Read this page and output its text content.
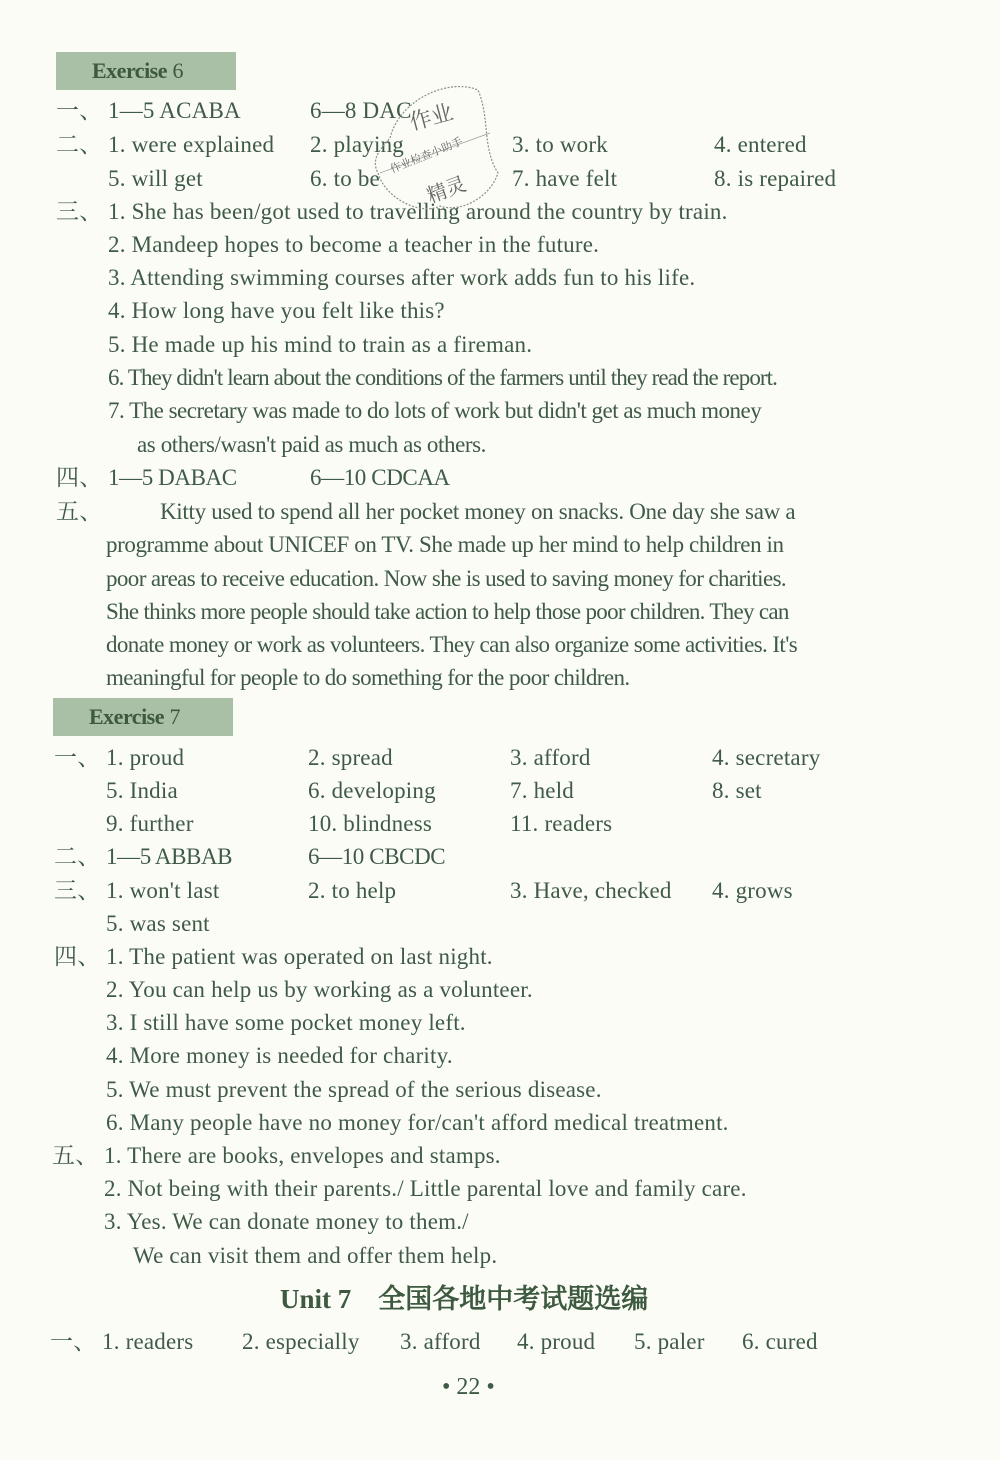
Exercise 6
一、 1—5 ACABA	6—8 DAC
二、 1. were explained 2. playing	3. to work	4. entered
5. will get	6. to be	7. have felt	8. is repaired
三、 1. She has been/got used to travelling around the country by train.
2. Mandeep hopes to become a teacher in the future.
3. Attending swimming courses after work adds fun to his life.
4. How long have you felt like this?
5. He made up his mind to train as a fireman.
6. They didn't learn about the conditions of the farmers until they read the report.
7. The secretary was made to do lots of work but didn't get as much money
as others/wasn't paid as much as others.
四、 1—5 DABAC	6—10 CDCAA
五、	Kitty used to spend all her pocket money on snacks. One day she saw a
programme about UNICEF on TV. She made up her mind to help children in
poor areas to receive education. Now she is used to saving money for charities.
She thinks more people should take action to help those poor children. They can
donate money or work as volunteers. They can also organize some activities. It's
meaningful for people to do something for the poor children.
Exercise 7
一、 1. proud	2. spread	3. afford	4. secretary
5. India	6. developing	7. held	8. set
9. further	10. blindness	11. readers
二、 1—5 ABBAB	6—10 CBCDC
三、 1. won't last	2. to help	3. Have, checked 4. grows
5. was sent
四、 1. The patient was operated on last night.
2. You can help us by working as a volunteer.
3. I still have some pocket money left.
4. More money is needed for charity.
5. We must prevent the spread of the serious disease.
6. Many people have no money for/can't afford medical treatment.
五、 1. There are books, envelopes and stamps.
2. Not being with their parents./ Little parental love and family care.
3. Yes. We can donate money to them./
We can visit them and offer them help.
Unit 7　全国各地中考试题选编
一、 1. readers 2. especially 3. afford 4. proud 5. paler 6. cured
• 22 •
作业
作业检查小助手
精灵
